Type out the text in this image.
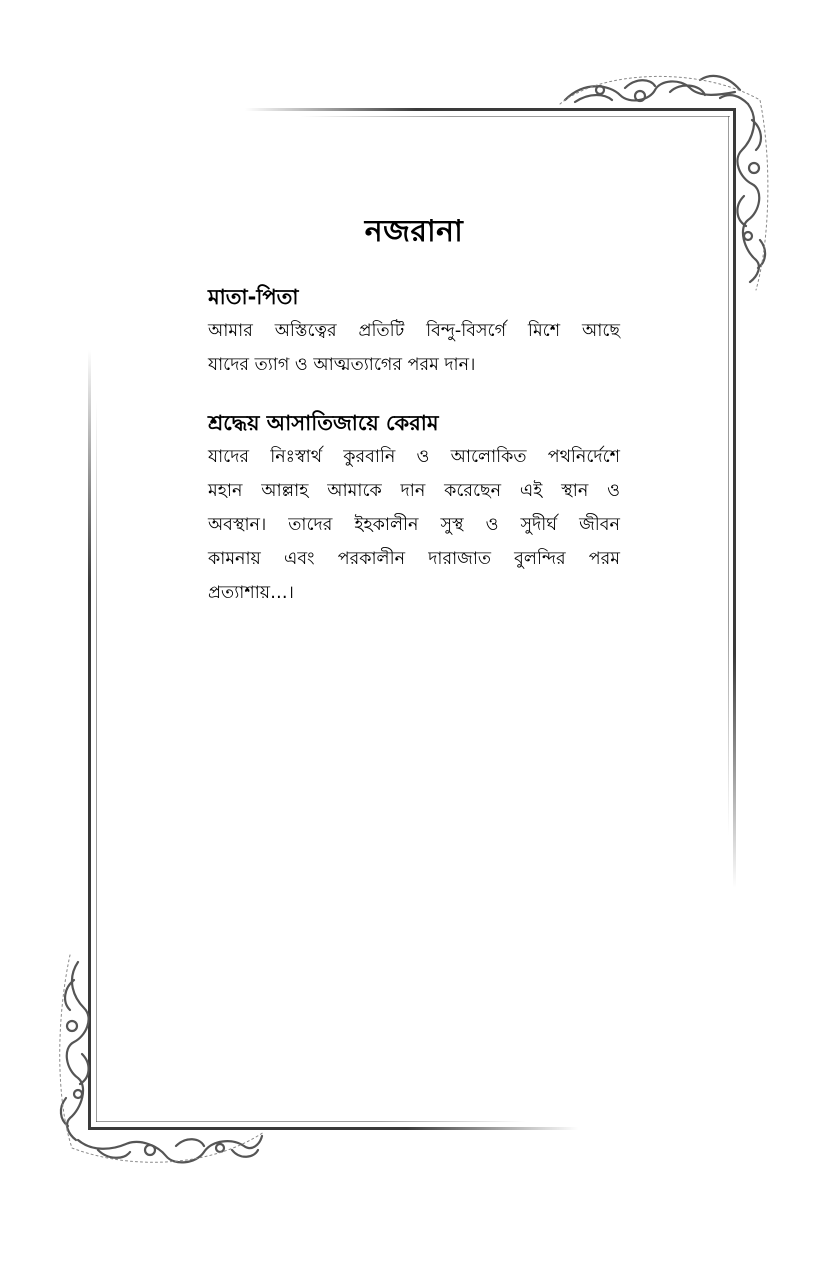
নজরানা
মাতা-পিতা

আমার অস্তিত্বের প্রতিটি বিন্দু-বিসর্গে মিশে আছে
যাদের ত্যাগ ও আত্মত্যাগের পরম দান।

শ্রদ্ধেয় আসাতিজায়ে কেরাম

যাদের নিঃস্বার্থ কুরবানি ও আলোকিত পথনির্দেশে
মহান আল্লাহ আমাকে দান করেছেন এই স্থান ও
অবস্থান। তাদের ইহকালীন সুস্থ ও সুদীর্ঘ জীবন
কামনায় এবং পরকালীন দারাজাত বুলন্দির পরম
প্রত্যাশায়…।
